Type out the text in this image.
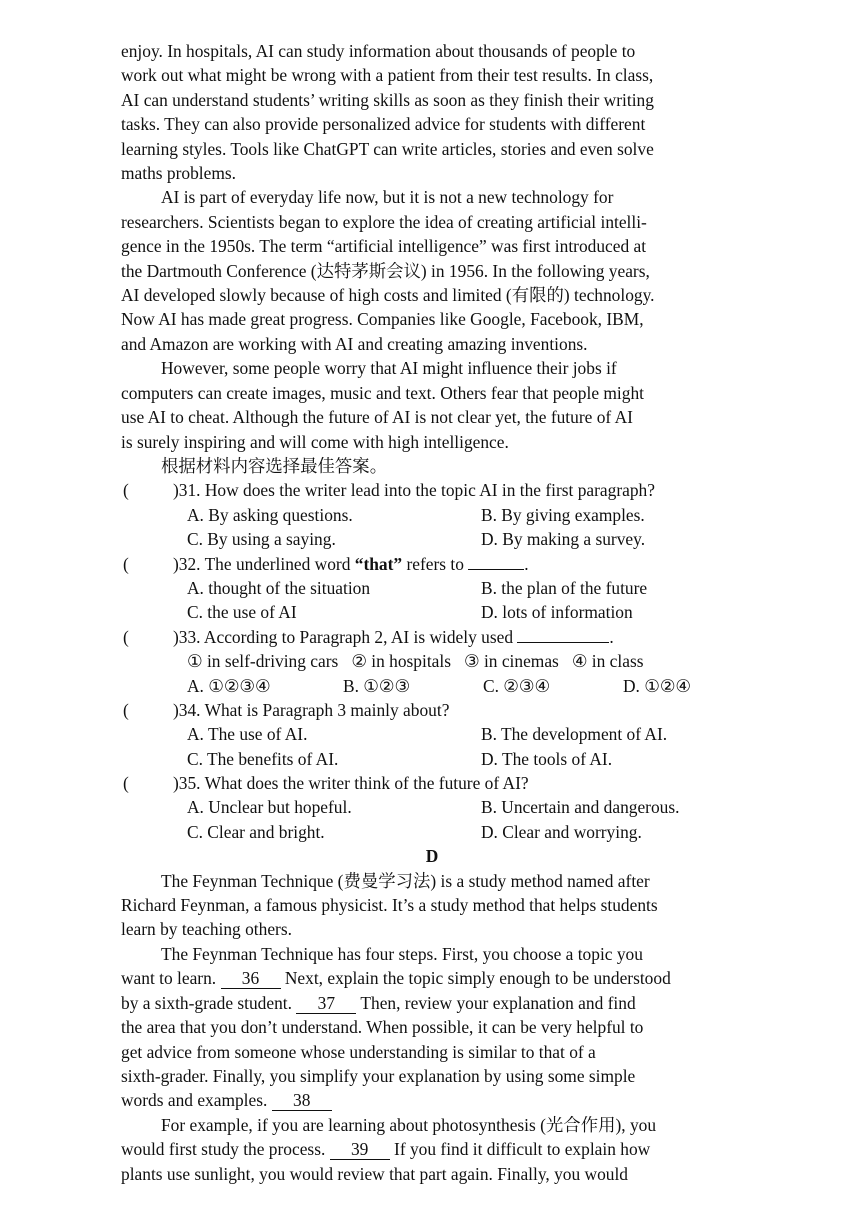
enjoy. In hospitals, AI can study information about thousands of people to
work out what might be wrong with a patient from their test results. In class,
AI can understand students’ writing skills as soon as they finish their writing
tasks. They can also provide personalized advice for students with different
learning styles. Tools like ChatGPT can write articles, stories and even solve
maths problems.
AI is part of everyday life now, but it is not a new technology for
researchers. Scientists began to explore the idea of creating artificial intelli-
gence in the 1950s. The term “artificial intelligence” was first introduced at
the Dartmouth Conference (达特茅斯会议) in 1956. In the following years,
AI developed slowly because of high costs and limited (有限的) technology.
Now AI has made great progress. Companies like Google, Facebook, IBM,
and Amazon are working with AI and creating amazing inventions.
However, some people worry that AI might influence their jobs if
computers can create images, music and text. Others fear that people might
use AI to cheat. Although the future of AI is not clear yet, the future of AI
is surely inspiring and will come with high intelligence.
根据材料内容选择最佳答案。
(	)31. How does the writer lead into the topic AI in the first paragraph?
A. By asking questions.	B. By giving examples.
C. By using a saying.	D. By making a survey.
(	)32. The underlined word “that” refers to	.
A. thought of the situation	B. the plan of the future
C. the use of AI	D. lots of information
(	)33. According to Paragraph 2, AI is widely used	.
① in self-driving cars   ② in hospitals   ③ in cinemas   ④ in class
A. ①②③④	B. ①②③	C. ②③④	D. ①②④
(	)34. What is Paragraph 3 mainly about?
A. The use of AI.	B. The development of AI.
C. The benefits of AI.	D. The tools of AI.
(	)35. What does the writer think of the future of AI?
A. Unclear but hopeful.	B. Uncertain and dangerous.
C. Clear and bright.	D. Clear and worrying.
D
The Feynman Technique (费曼学习法) is a study method named after
Richard Feynman, a famous physicist. It’s a study method that helps students
learn by teaching others.
The Feynman Technique has four steps. First, you choose a topic you
want to learn. 36 Next, explain the topic simply enough to be understood
by a sixth-grade student. 37 Then, review your explanation and find
the area that you don’t understand. When possible, it can be very helpful to
get advice from someone whose understanding is similar to that of a
sixth-grader. Finally, you simplify your explanation by using some simple
words and examples. 38
For example, if you are learning about photosynthesis (光合作用), you
would first study the process. 39 If you find it difficult to explain how
plants use sunlight, you would review that part again. Finally, you would
